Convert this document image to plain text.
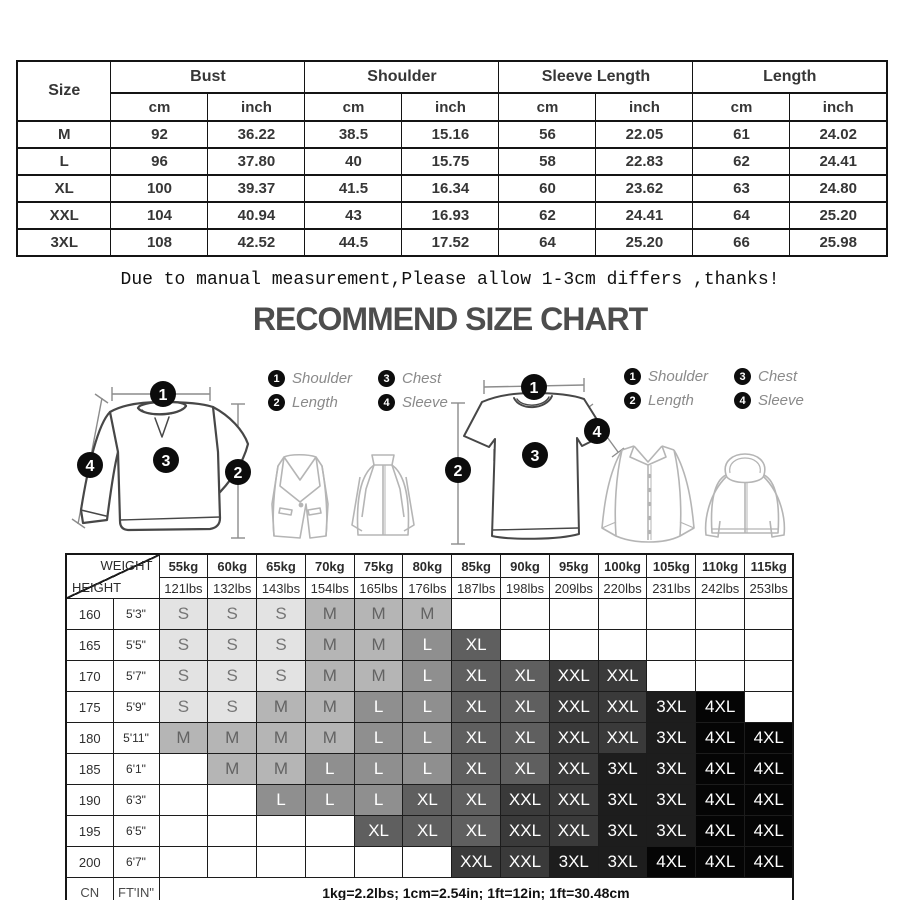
Size	Bust		Shoulder		Sleeve Length		Length	
	cm	inch	cm	inch	cm	inch	cm	inch
M	92	36.22	38.5	15.16	56	22.05	61	24.02
L	96	37.80	40	15.75	58	22.83	62	24.41
XL	100	39.37	41.5	16.34	60	23.62	63	24.80
XXL	104	40.94	43	16.93	62	24.41	64	25.20
3XL	108	42.52	44.5	17.52	64	25.20	66	25.98
Due to manual measurement,Please allow 1-3cm differs ,thanks!
RECOMMEND SIZE CHART
1
2
3
4
1 Shoulder	3 Chest
2 Length	4 Sleeve
1
2
3
4
1 Shoulder	3 Chest
2 Length	4 Sleeve
WEIGHT
HEIGHT		55kg	60kg	65kg	70kg	75kg	80kg	85kg	90kg	95kg	100kg	105kg	110kg	115kg
		121lbs	132lbs	143lbs	154lbs	165lbs	176lbs	187lbs	198lbs	209lbs	220lbs	231lbs	242lbs	253lbs
160	5'3"	S	S	S	M	M	M							
165	5'5"	S	S	S	M	M	L	XL						
170	5'7"	S	S	S	M	M	L	XL	XL	XXL	XXL			
175	5'9"	S	S	M	M	L	L	XL	XL	XXL	XXL	3XL	4XL	
180	5'11"	M	M	M	M	L	L	XL	XL	XXL	XXL	3XL	4XL	4XL
185	6'1"		M	M	L	L	L	XL	XL	XXL	3XL	3XL	4XL	4XL
190	6'3"			L	L	L	XL	XL	XXL	XXL	3XL	3XL	4XL	4XL
195	6'5"					XL	XL	XL	XXL	XXL	3XL	3XL	4XL	4XL
200	6'7"							XXL	XXL	3XL	3XL	4XL	4XL	4XL
CN	FT'IN"	1kg=2.2lbs; 1cm=2.54in; 1ft=12in; 1ft=30.48cm												
